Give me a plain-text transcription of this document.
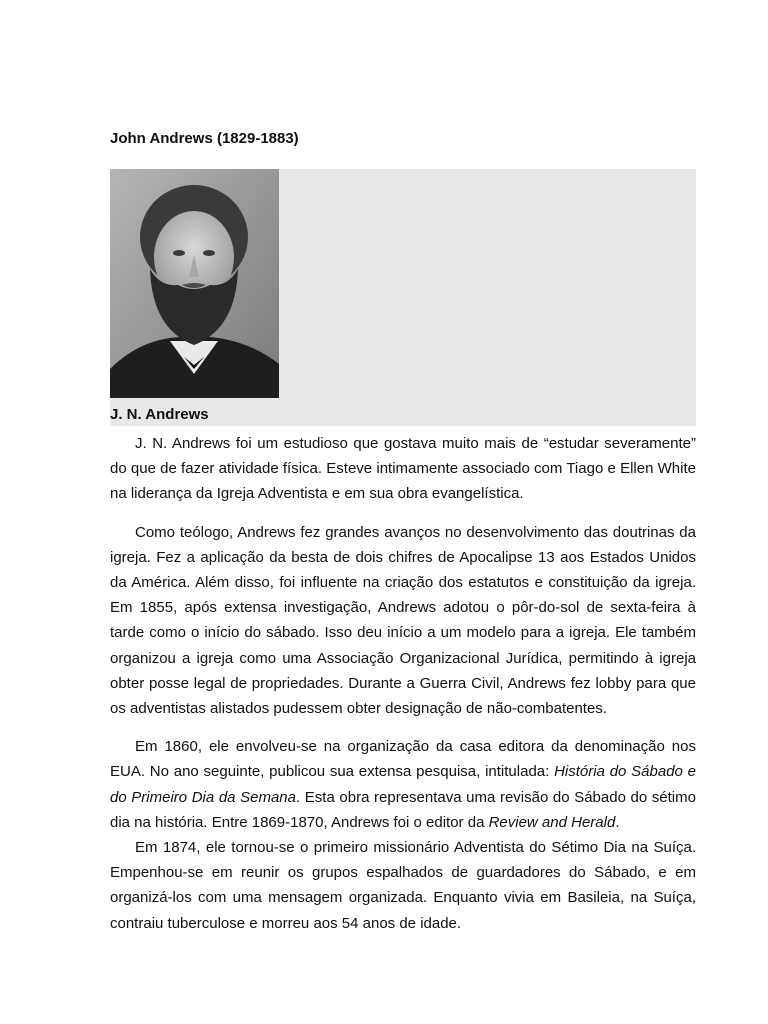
John Andrews (1829-1883)
J. N. Andrews

J. N. Andrews foi um estudioso que gostava muito mais de “estudar severamente” do que de fazer atividade física. Esteve intimamente associado com Tiago e Ellen White na liderança da Igreja Adventista e em sua obra evangelística.

Como teólogo, Andrews fez grandes avanços no desenvolvimento das doutrinas da igreja. Fez a aplicação da besta de dois chifres de Apocalipse 13 aos Estados Unidos da América. Além disso, foi influente na criação dos estatutos e constituição da igreja. Em 1855, após extensa investigação, Andrews adotou o pôr-do-sol de sexta-feira à tarde como o início do sábado. Isso deu início a um modelo para a igreja. Ele também organizou a igreja como uma Associação Organizacional Jurídica, permitindo à igreja obter posse legal de propriedades. Durante a Guerra Civil, Andrews fez lobby para que os adventistas alistados pudessem obter designação de não-combatentes.

Em 1860, ele envolveu-se na organização da casa editora da denominação nos EUA. No ano seguinte, publicou sua extensa pesquisa, intitulada: História do Sábado e do Primeiro Dia da Semana. Esta obra representava uma revisão do Sábado do sétimo dia na história. Entre 1869-1870, Andrews foi o editor da Review and Herald.

Em 1874, ele tornou-se o primeiro missionário Adventista do Sétimo Dia na Suíça. Empenhou-se em reunir os grupos espalhados de guardadores do Sábado, e em organizá-los com uma mensagem organizada. Enquanto vivia em Basileia, na Suíça, contraiu tuberculose e morreu aos 54 anos de idade.
